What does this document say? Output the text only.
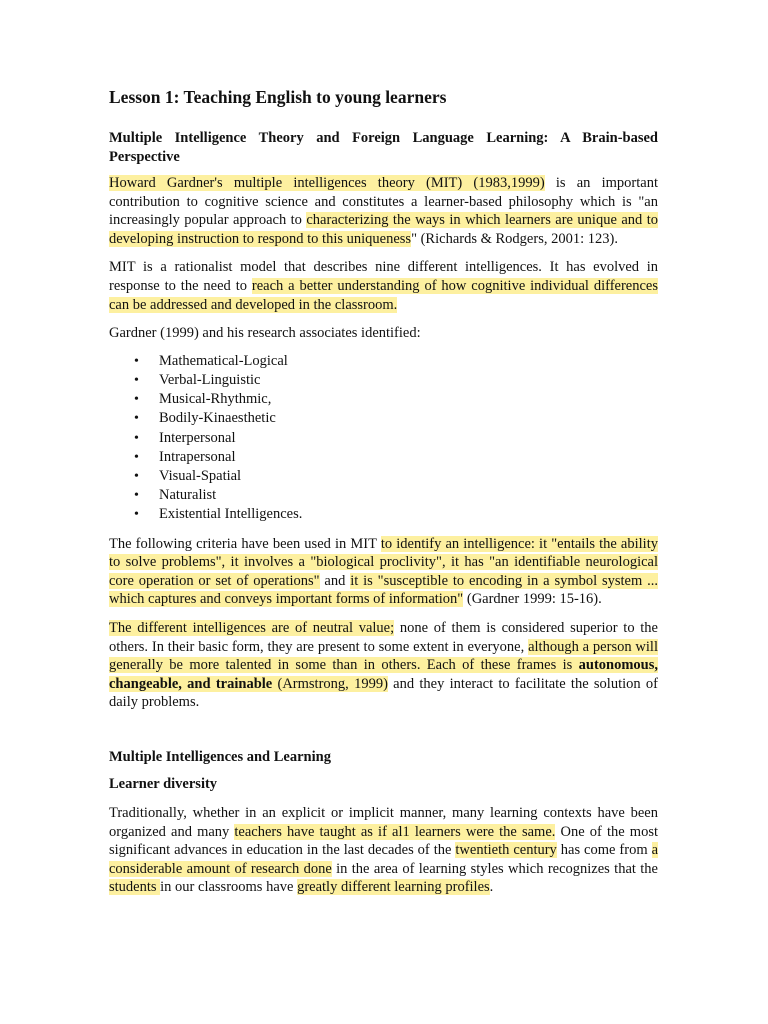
Lesson 1: Teaching English to young learners
Multiple Intelligence Theory and Foreign Language Learning: A Brain-based Perspective

Howard Gardner's multiple intelligences theory (MIT) (1983,1999) is an important contribution to cognitive science and constitutes a learner-based philosophy which is "an increasingly popular approach to characterizing the ways in which learners are unique and to developing instruction to respond to this uniqueness" (Richards & Rodgers, 2001: 123).

MIT is a rationalist model that describes nine different intelligences. It has evolved in response to the need to reach a better understanding of how cognitive individual differences can be addressed and developed in the classroom.

Gardner (1999) and his research associates identified:

• Mathematical-Logical
• Verbal-Linguistic
• Musical-Rhythmic,
• Bodily-Kinaesthetic
• Interpersonal
• Intrapersonal
• Visual-Spatial
• Naturalist
• Existential Intelligences.

The following criteria have been used in MIT to identify an intelligence: it "entails the ability to solve problems", it involves a "biological proclivity", it has "an identifiable neurological core operation or set of operations" and it is "susceptible to encoding in a symbol system ... which captures and conveys important forms of information" (Gardner 1999: 15-16).

The different intelligences are of neutral value; none of them is considered superior to the others. In their basic form, they are present to some extent in everyone, although a person will generally be more talented in some than in others. Each of these frames is autonomous, changeable, and trainable (Armstrong, 1999) and they interact to facilitate the solution of daily problems.

Multiple Intelligences and Learning
Learner diversity

Traditionally, whether in an explicit or implicit manner, many learning contexts have been organized and many teachers have taught as if al1 learners were the same. One of the most significant advances in education in the last decades of the twentieth century has come from a considerable amount of research done in the area of learning styles which recognizes that the students in our classrooms have greatly different learning profiles.
